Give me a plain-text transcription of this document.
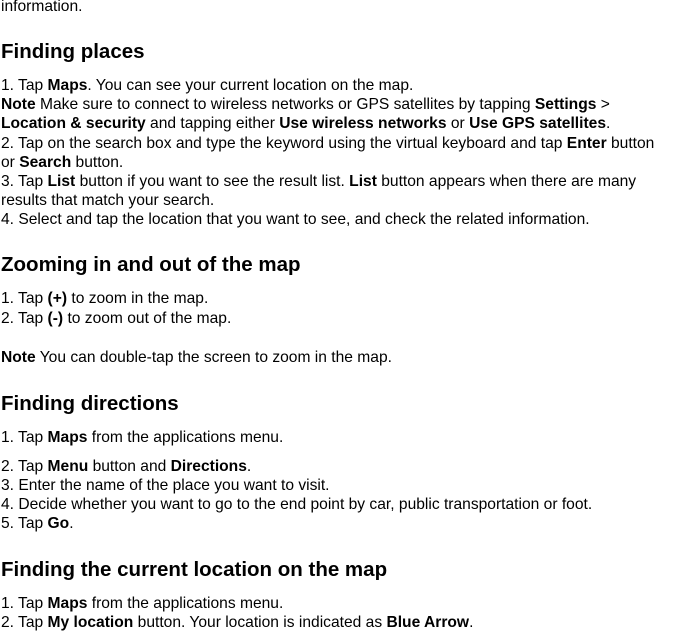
information.
Finding places
1. Tap Maps. You can see your current location on the map.
Note Make sure to connect to wireless networks or GPS satellites by tapping Settings >
Location & security and tapping either Use wireless networks or Use GPS satellites.
2. Tap on the search box and type the keyword using the virtual keyboard and tap Enter button
or Search button.
3. Tap List button if you want to see the result list. List button appears when there are many
results that match your search.
4. Select and tap the location that you want to see, and check the related information.
Zooming in and out of the map
1. Tap (+) to zoom in the map.
2. Tap (-) to zoom out of the map.
Note You can double-tap the screen to zoom in the map.
Finding directions
1. Tap Maps from the applications menu.
2. Tap Menu button and Directions.
3. Enter the name of the place you want to visit.
4. Decide whether you want to go to the end point by car, public transportation or foot.
5. Tap Go.
Finding the current location on the map
1. Tap Maps from the applications menu.
2. Tap My location button. Your location is indicated as Blue Arrow.
